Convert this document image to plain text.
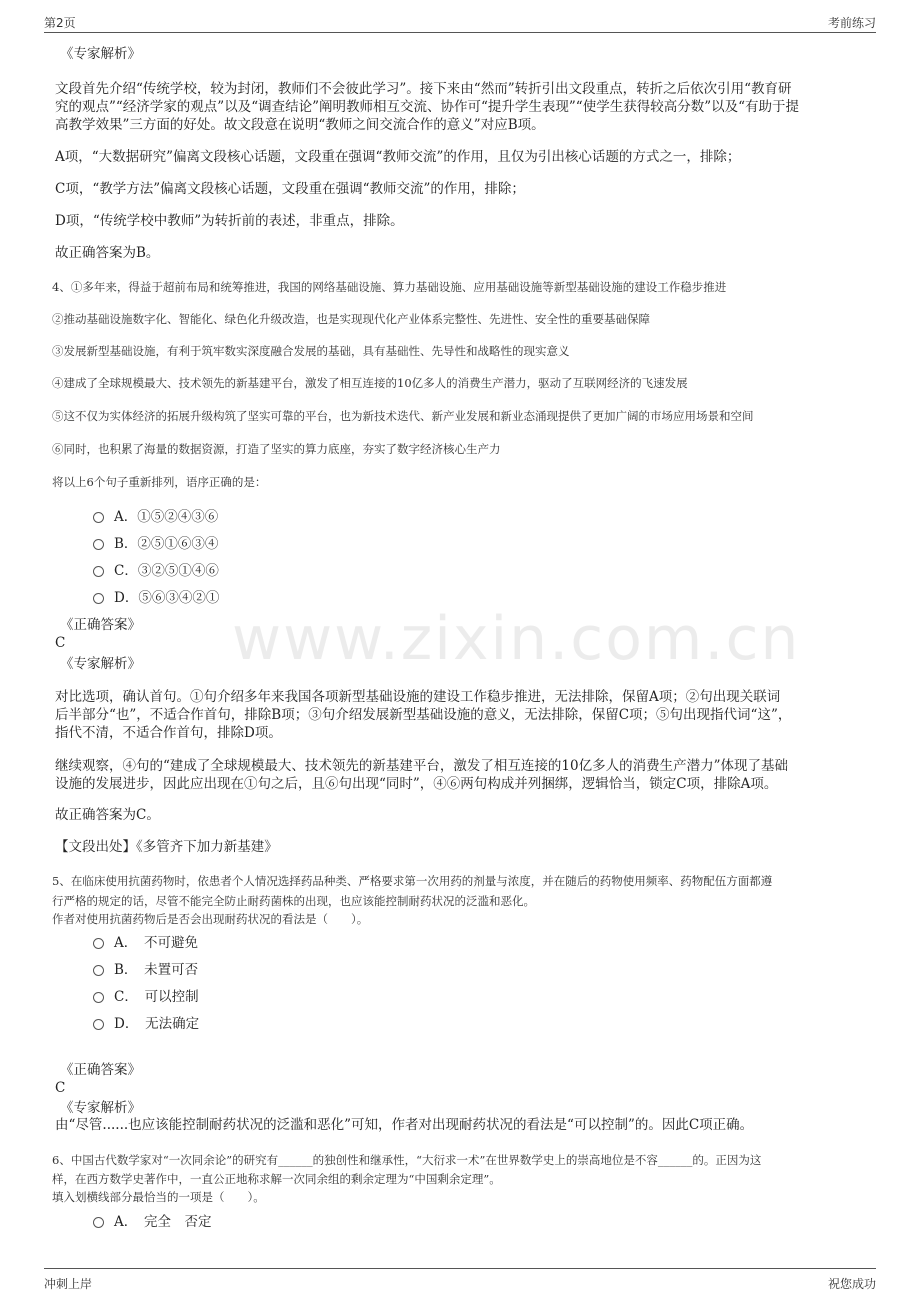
第2页	考前练习
www.zixin.com.cn
《专家解析》
文段首先介绍“传统学校，较为封闭，教师们不会彼此学习”。接下来由“然而”转折引出文段重点，转折之后依次引用“教育研
究的观点”“经济学家的观点”以及“调查结论”阐明教师相互交流、协作可“提升学生表现”“使学生获得较高分数”以及“有助于提
高教学效果”三方面的好处。故文段意在说明“教师之间交流合作的意义”对应B项。
A项，“大数据研究”偏离文段核心话题，文段重在强调“教师交流”的作用，且仅为引出核心话题的方式之一，排除；
C项，“教学方法”偏离文段核心话题，文段重在强调“教师交流”的作用，排除；
D项，“传统学校中教师”为转折前的表述，非重点，排除。
故正确答案为B。
4、①多年来，得益于超前布局和统筹推进，我国的网络基础设施、算力基础设施、应用基础设施等新型基础设施的建设工作稳步推进
②推动基础设施数字化、智能化、绿色化升级改造，也是实现现代化产业体系完整性、先进性、安全性的重要基础保障
③发展新型基础设施，有利于筑牢数实深度融合发展的基础，具有基础性、先导性和战略性的现实意义
④建成了全球规模最大、技术领先的新基建平台，激发了相互连接的10亿多人的消费生产潜力，驱动了互联网经济的飞速发展
⑤这不仅为实体经济的拓展升级构筑了坚实可靠的平台，也为新技术迭代、新产业发展和新业态涌现提供了更加广阔的市场应用场景和空间
⑥同时，也积累了海量的数据资源，打造了坚实的算力底座，夯实了数字经济核心生产力
将以上6个句子重新排列，语序正确的是：
A．①⑤②④③⑥
B．②⑤①⑥③④
C．③②⑤①④⑥
D．⑤⑥③④②①
《正确答案》
C
《专家解析》
对比选项，确认首句。①句介绍多年来我国各项新型基础设施的建设工作稳步推进，无法排除，保留A项；②句出现关联词
后半部分“也”，不适合作首句，排除B项；③句介绍发展新型基础设施的意义，无法排除，保留C项；⑤句出现指代词“这”，
指代不清，不适合作首句，排除D项。
继续观察，④句的“建成了全球规模最大、技术领先的新基建平台，激发了相互连接的10亿多人的消费生产潜力”体现了基础
设施的发展进步，因此应出现在①句之后，且⑥句出现“同时”，④⑥两句构成并列捆绑，逻辑恰当，锁定C项，排除A项。
故正确答案为C。
【文段出处】《多管齐下加力新基建》
5、在临床使用抗菌药物时，依患者个人情况选择药品种类、严格要求第一次用药的剂量与浓度，并在随后的药物使用频率、药物配伍方面都遵
行严格的规定的话，尽管不能完全防止耐药菌株的出现，也应该能控制耐药状况的泛滥和恶化。
作者对使用抗菌药物后是否会出现耐药状况的看法是（　　）。
A．　不可避免
B．　未置可否
C．　可以控制
D．　无法确定
《正确答案》
C
《专家解析》
由“尽管......也应该能控制耐药状况的泛滥和恶化”可知，作者对出现耐药状况的看法是“可以控制”的。因此C项正确。
6、中国古代数学家对“一次同余论”的研究有______的独创性和继承性，“大衍求一术”在世界数学史上的崇高地位是不容______的。正因为这
样，在西方数学史著作中，一直公正地称求解一次同余组的剩余定理为“中国剩余定理”。
填入划横线部分最恰当的一项是（　　）。
A．　完全　否定
冲刺上岸	祝您成功
